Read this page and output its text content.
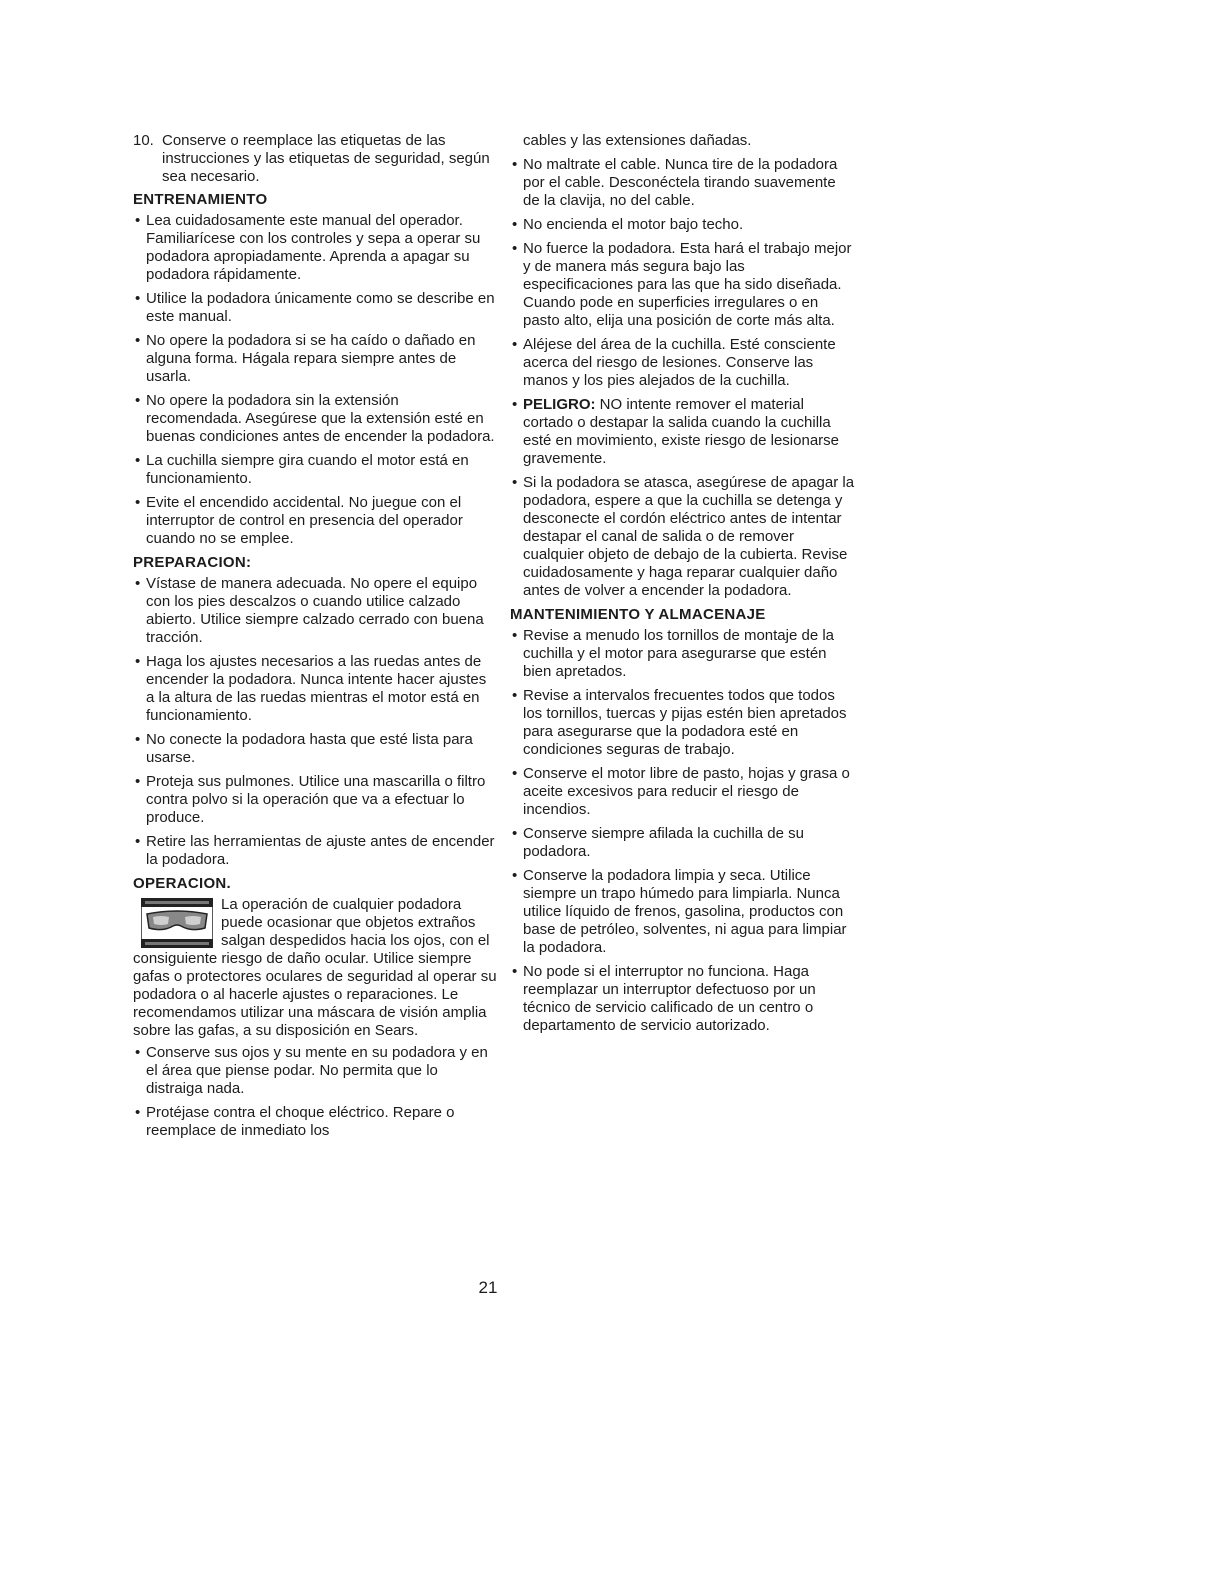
10. Conserve o reemplace las etiquetas de las instrucciones y las etiquetas de seguridad, según sea necesario.
ENTRENAMIENTO
• Lea cuidadosamente este manual del operador. Familiarícese con los controles y sepa a operar su podadora apropiadamente. Aprenda a apagar su podadora rápidamente.
• Utilice la podadora únicamente como se describe en este manual.
• No opere la podadora si se ha caído o dañado en alguna forma. Hágala repara siempre antes de usarla.
• No opere la podadora sin la extensión recomendada. Asegúrese que la extensión esté en buenas condiciones antes de encender la podadora.
• La cuchilla siempre gira cuando el motor está en funcionamiento.
• Evite el encendido accidental. No juegue con el interruptor de control en presencia del operador cuando no se emplee.
PREPARACION:
• Vístase de manera adecuada. No opere el equipo con los pies descalzos o cuando utilice calzado abierto. Utilice siempre calzado cerrado con buena tracción.
• Haga los ajustes necesarios a las ruedas antes de encender la podadora. Nunca intente hacer ajustes a la altura de las ruedas mientras el motor está en funcionamiento.
• No conecte la podadora hasta que esté lista para usarse.
• Proteja sus pulmones. Utilice una mascarilla o filtro contra polvo si la operación que va a efectuar lo produce.
• Retire las herramientas de ajuste antes de encender la podadora.
OPERACION.
La operación de cualquier podadora puede ocasionar que objetos extraños salgan despedidos hacia los ojos, con el consiguiente riesgo de daño ocular. Utilice siempre gafas o protectores oculares de seguridad al operar su podadora o al hacerle ajustes o reparaciones. Le recomendamos utilizar una máscara de visión amplia sobre las gafas, a su disposición en Sears.
• Conserve sus ojos y su mente en su podadora y en el área que piense podar. No permita que lo distraiga nada.
• Protéjase contra el choque eléctrico. Repare o reemplace de inmediato los
cables y las extensiones dañadas.
• No maltrate el cable. Nunca tire de la podadora por el cable. Desconéctela tirando suavemente de la clavija, no del cable.
• No encienda el motor bajo techo.
• No fuerce la podadora. Esta hará el trabajo mejor y de manera más segura bajo las especificaciones para las que ha sido diseñada. Cuando pode en superficies irregulares o en pasto alto, elija una posición de corte más alta.
• Aléjese del área de la cuchilla. Esté consciente acerca del riesgo de lesiones. Conserve las manos y los pies alejados de la cuchilla.
• PELIGRO: NO intente remover el material cortado o destapar la salida cuando la cuchilla esté en movimiento, existe riesgo de lesionarse gravemente.
• Si la podadora se atasca, asegúrese de apagar la podadora, espere a que la cuchilla se detenga y desconecte el cordón eléctrico antes de intentar destapar el canal de salida o de remover cualquier objeto de debajo de la cubierta. Revise cuidadosamente y haga reparar cualquier daño antes de volver a encender la podadora.
MANTENIMIENTO Y ALMACENAJE
• Revise a menudo los tornillos de montaje de la cuchilla y el motor para asegurarse que estén bien apretados.
• Revise a intervalos frecuentes todos que todos los tornillos, tuercas y pijas estén bien apretados para asegurarse que la podadora esté en condiciones seguras de trabajo.
• Conserve el motor libre de pasto, hojas y grasa o aceite excesivos para reducir el riesgo de incendios.
• Conserve siempre afilada la cuchilla de su podadora.
• Conserve la podadora limpia y seca. Utilice siempre un trapo húmedo para limpiarla. Nunca utilice líquido de frenos, gasolina, productos con base de petróleo, solventes, ni agua para limpiar la podadora.
• No pode si el interruptor no funciona. Haga reemplazar un interruptor defectuoso por un técnico de servicio calificado de un centro o departamento de servicio autorizado.
21
